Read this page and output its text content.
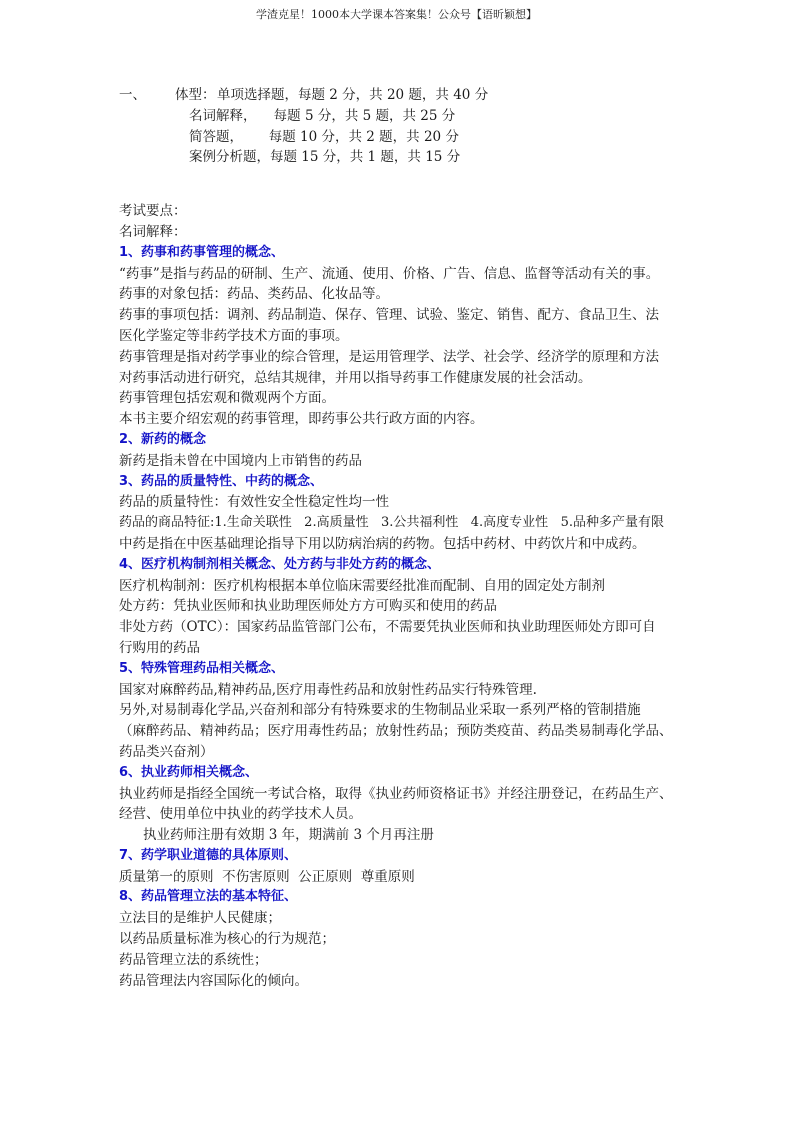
学渣克星！1000本大学课本答案集！公众号【语昕颖想】
一、	体型： 单项选择题，每题 2 分，共 20 题，共 40 分
名词解释，    每题 5 分，共 5 题，共 25 分
简答题，      每题 10 分，共 2 题，共 20 分
案例分析题，每题 15 分，共 1 题，共 15 分
考试要点：
名词解释：
1、药事和药事管理的概念、
“药事”是指与药品的研制、生产、流通、使用、价格、广告、信息、监督等活动有关的事。
药事的对象包括：药品、类药品、化妆品等。
药事的事项包括：调剂、药品制造、保存、管理、试验、鉴定、销售、配方、食品卫生、法
医化学鉴定等非药学技术方面的事项。
药事管理是指对药学事业的综合管理，是运用管理学、法学、社会学、经济学的原理和方法
对药事活动进行研究，总结其规律，并用以指导药事工作健康发展的社会活动。
药事管理包括宏观和微观两个方面。
本书主要介绍宏观的药事管理，即药事公共行政方面的内容。
2、新药的概念
新药是指未曾在中国境内上市销售的药品
3、药品的质量特性、中药的概念、
药品的质量特性：有效性安全性稳定性均一性
药品的商品特征:1.生命关联性   2.高质量性   3.公共福利性   4.高度专业性   5.品种多产量有限
中药是指在中医基础理论指导下用以防病治病的药物。包括中药材、中药饮片和中成药。
4、医疗机构制剂相关概念、处方药与非处方药的概念、
医疗机构制剂：医疗机构根据本单位临床需要经批准而配制、自用的固定处方制剂
处方药：凭执业医师和执业助理医师处方方可购买和使用的药品
非处方药（OTC）：国家药品监管部门公布，不需要凭执业医师和执业助理医师处方即可自
行购用的药品
5、特殊管理药品相关概念、
国家对麻醉药品,精神药品,医疗用毒性药品和放射性药品实行特殊管理.
另外,对易制毒化学品,兴奋剂和部分有特殊要求的生物制品业采取一系列严格的管制措施
（麻醉药品、精神药品；医疗用毒性药品；放射性药品；预防类疫苗、药品类易制毒化学品、
药品类兴奋剂）
6、执业药师相关概念、
执业药师是指经全国统一考试合格，取得《执业药师资格证书》并经注册登记，在药品生产、
经营、使用单位中执业的药学技术人员。
执业药师注册有效期 3 年，期满前 3 个月再注册
7、药学职业道德的具体原则、
质量第一的原则  不伤害原则  公正原则  尊重原则
8、药品管理立法的基本特征、
立法目的是维护人民健康；
以药品质量标准为核心的行为规范；
药品管理立法的系统性；
药品管理法内容国际化的倾向。
